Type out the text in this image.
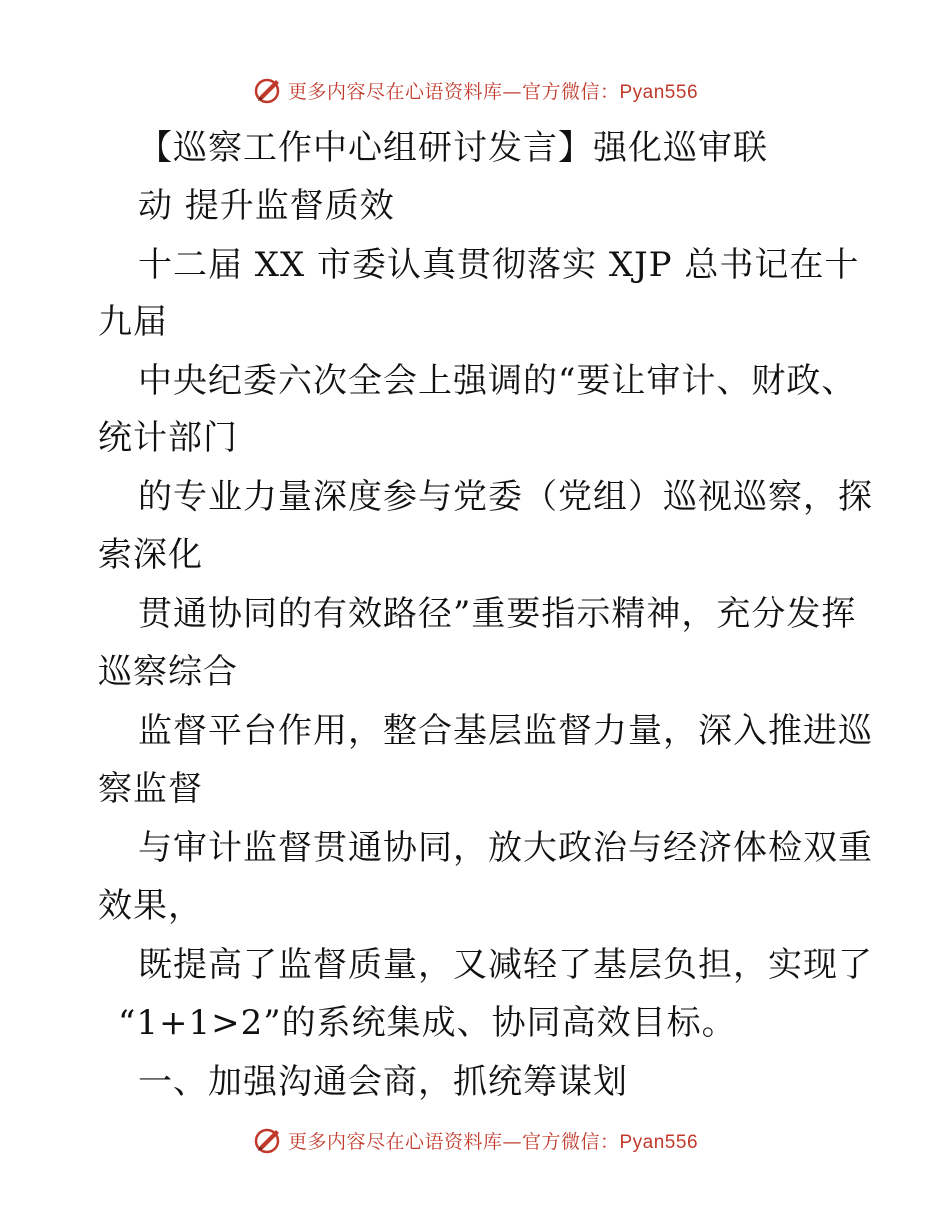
更多内容尽在心语资料库—官方微信：Pyan556
【巡察工作中心组研讨发言】强化巡审联
动 提升监督质效
十二届 XX 市委认真贯彻落实 XJP 总书记在十
九届
中央纪委六次全会上强调的“要让审计、财政、
统计部门
的专业力量深度参与党委（党组）巡视巡察，探
索深化
贯通协同的有效路径”重要指示精神，充分发挥
巡察综合
监督平台作用，整合基层监督力量，深入推进巡
察监督
与审计监督贯通协同，放大政治与经济体检双重
效果，
既提高了监督质量，又减轻了基层负担，实现了
“1+1>2”的系统集成、协同高效目标。
一、加强沟通会商，抓统筹谋划
更多内容尽在心语资料库—官方微信：Pyan556
